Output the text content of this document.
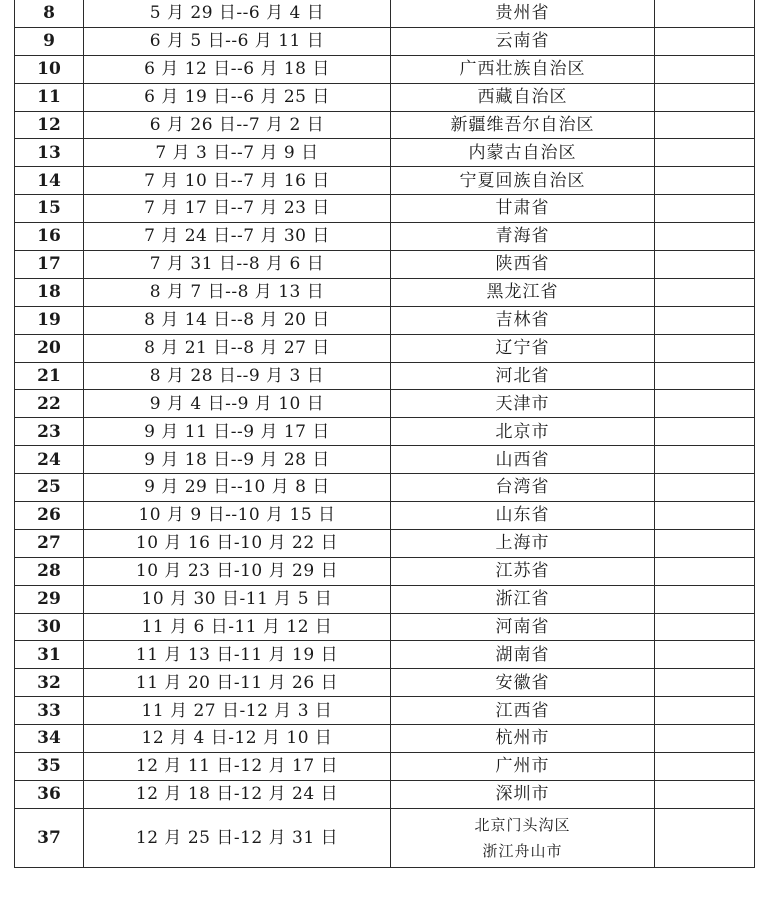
8	5 月 29 日--6 月 4 日	贵州省	
9	6 月 5 日--6 月 11 日	云南省	
10	6 月 12 日--6 月 18 日	广西壮族自治区	
11	6 月 19 日--6 月 25 日	西藏自治区	
12	6 月 26 日--7 月 2 日	新疆维吾尔自治区	
13	7 月 3 日--7 月 9 日	内蒙古自治区	
14	7 月 10 日--7 月 16 日	宁夏回族自治区	
15	7 月 17 日--7 月 23 日	甘肃省	
16	7 月 24 日--7 月 30 日	青海省	
17	7 月 31 日--8 月 6 日	陕西省	
18	8 月 7 日--8 月 13 日	黑龙江省	
19	8 月 14 日--8 月 20 日	吉林省	
20	8 月 21 日--8 月 27 日	辽宁省	
21	8 月 28 日--9 月 3 日	河北省	
22	9 月 4 日--9 月 10 日	天津市	
23	9 月 11 日--9 月 17 日	北京市	
24	9 月 18 日--9 月 28 日	山西省	
25	9 月 29 日--10 月 8 日	台湾省	
26	10 月 9 日--10 月 15 日	山东省	
27	10 月 16 日-10 月 22 日	上海市	
28	10 月 23 日-10 月 29 日	江苏省	
29	10 月 30 日-11 月 5 日	浙江省	
30	11 月 6 日-11 月 12 日	河南省	
31	11 月 13 日-11 月 19 日	湖南省	
32	11 月 20 日-11 月 26 日	安徽省	
33	11 月 27 日-12 月 3 日	江西省	
34	12 月 4 日-12 月 10 日	杭州市	
35	12 月 11 日-12 月 17 日	广州市	
36	12 月 18 日-12 月 24 日	深圳市	
37	12 月 25 日-12 月 31 日	北京门头沟区
浙江舟山市	
